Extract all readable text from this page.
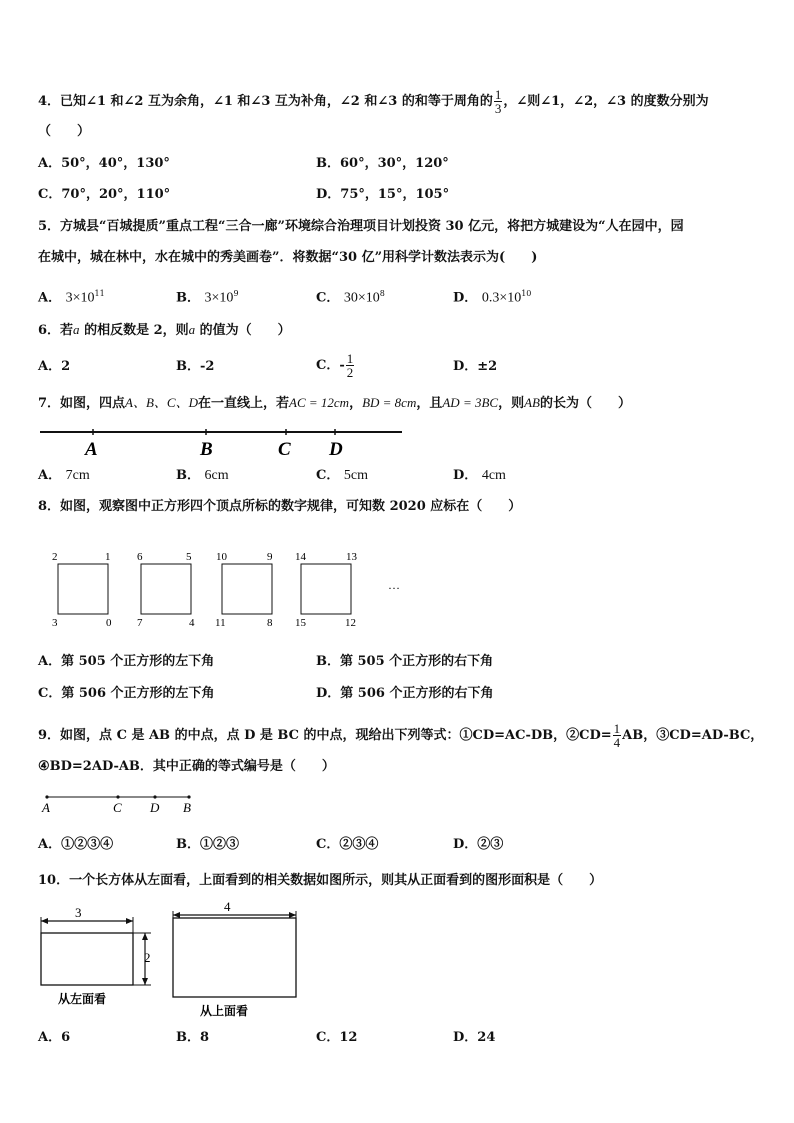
4．已知∠1 和∠2 互为余角，∠1 和∠3 互为补角，∠2 和∠3 的和等于周角的 $\frac{1}{3}$ ，∠则∠1，∠2，∠3 的度数分别为
（　　）
A．50°，40°，130°	B．60°，30°，120°
C．70°，20°，110°	D．75°，15°，105°
5．方城县“百城提质”重点工程“三合一廊”环境综合治理项目计划投资 30 亿元，将把方城建设为“人在园中，园
在城中，城在林中，水在城中的秀美画卷”．将数据“30 亿”用科学计数法表示为(　　)
A． $3\times 10^{11}$	B． $3\times 10^9$	C． $30\times 10^8$	D． $0.3\times 10^{10}$
6．若a 的相反数是 2，则a 的值为（　　）
A．2	B．-2	C．- $\frac{1}{2}$	D．±2
7．如图，四点A、B、C、D在一直线上，若AC = 12cm，BD = 8cm，且AD = 3BC，则AB的长为（　　）
A	B	C D
A． 7cm	B． 6cm	C． 5cm	D． 4cm
8．如图，观察图中正方形四个顶点所标的数字规律，可知数 2020 应标在（　　）
2	1
3	0
6	5
7	4
10	9
11	8
14	13
15	12
…
A．第 505 个正方形的左下角	B．第 505 个正方形的右下角
C．第 506 个正方形的左下角	D．第 506 个正方形的右下角
9．如图，点 C 是 AB 的中点，点 D 是 BC 的中点，现给出下列等式：①CD=AC-DB，②CD= $\frac{1}{4}$ AB，③CD=AD-BC，
④BD=2AD-AB．其中正确的等式编号是（　　）
A	C D B
A．①②③④	B．①②③	C．②③④	D．②③
10．一个长方体从左面看，上面看到的相关数据如图所示，则其从正面看到的图形面积是（　　）
3
2
从左面看
4
从上面看
A．6	B．8	C．12	D．24
